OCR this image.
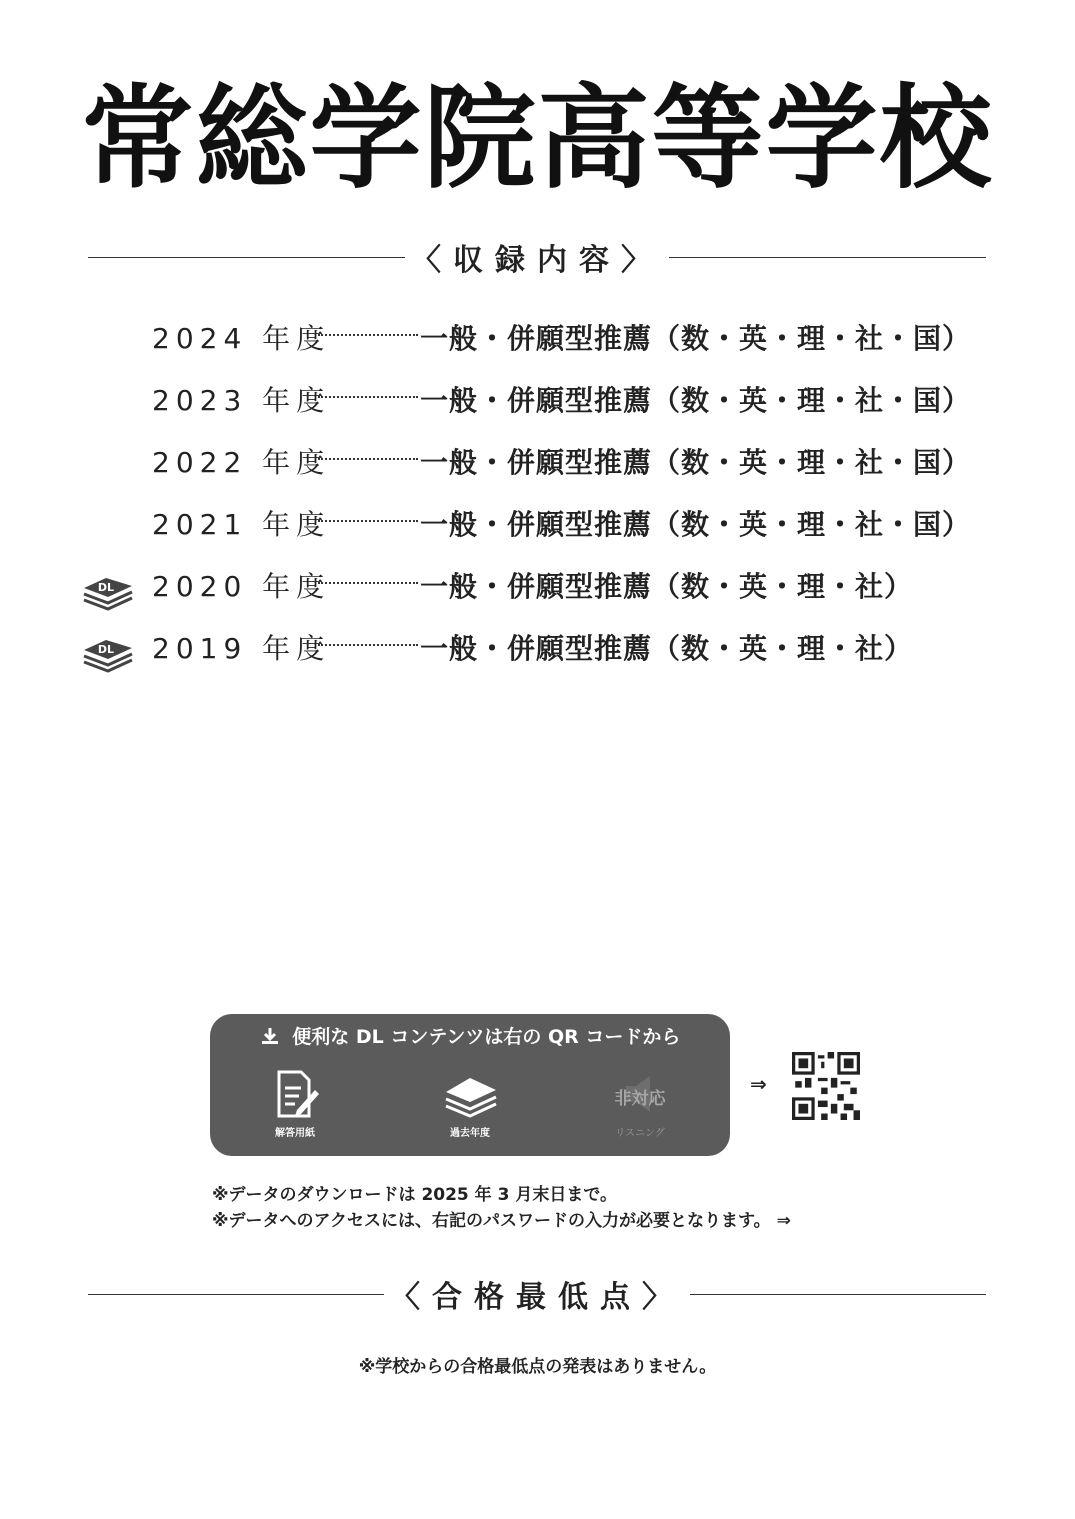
常総学院高等学校
〈収録内容〉
2024 年度	一般・併願型推薦（数・英・理・社・国）
2023 年度	一般・併願型推薦（数・英・理・社・国）
2022 年度	一般・併願型推薦（数・英・理・社・国）
2021 年度	一般・併願型推薦（数・英・理・社・国）
DL 2020 年度	一般・併願型推薦（数・英・理・社）
DL 2019 年度	一般・併願型推薦（数・英・理・社）
便利な DL コンテンツは右の QR コードから
解答用紙	過去年度
非対応
リスニング
⇒
※データのダウンロードは 2025 年 3 月末日まで。
※データへのアクセスには、右記のパスワードの入力が必要となります。 ⇒
〈合格最低点〉
※学校からの合格最低点の発表はありません。
